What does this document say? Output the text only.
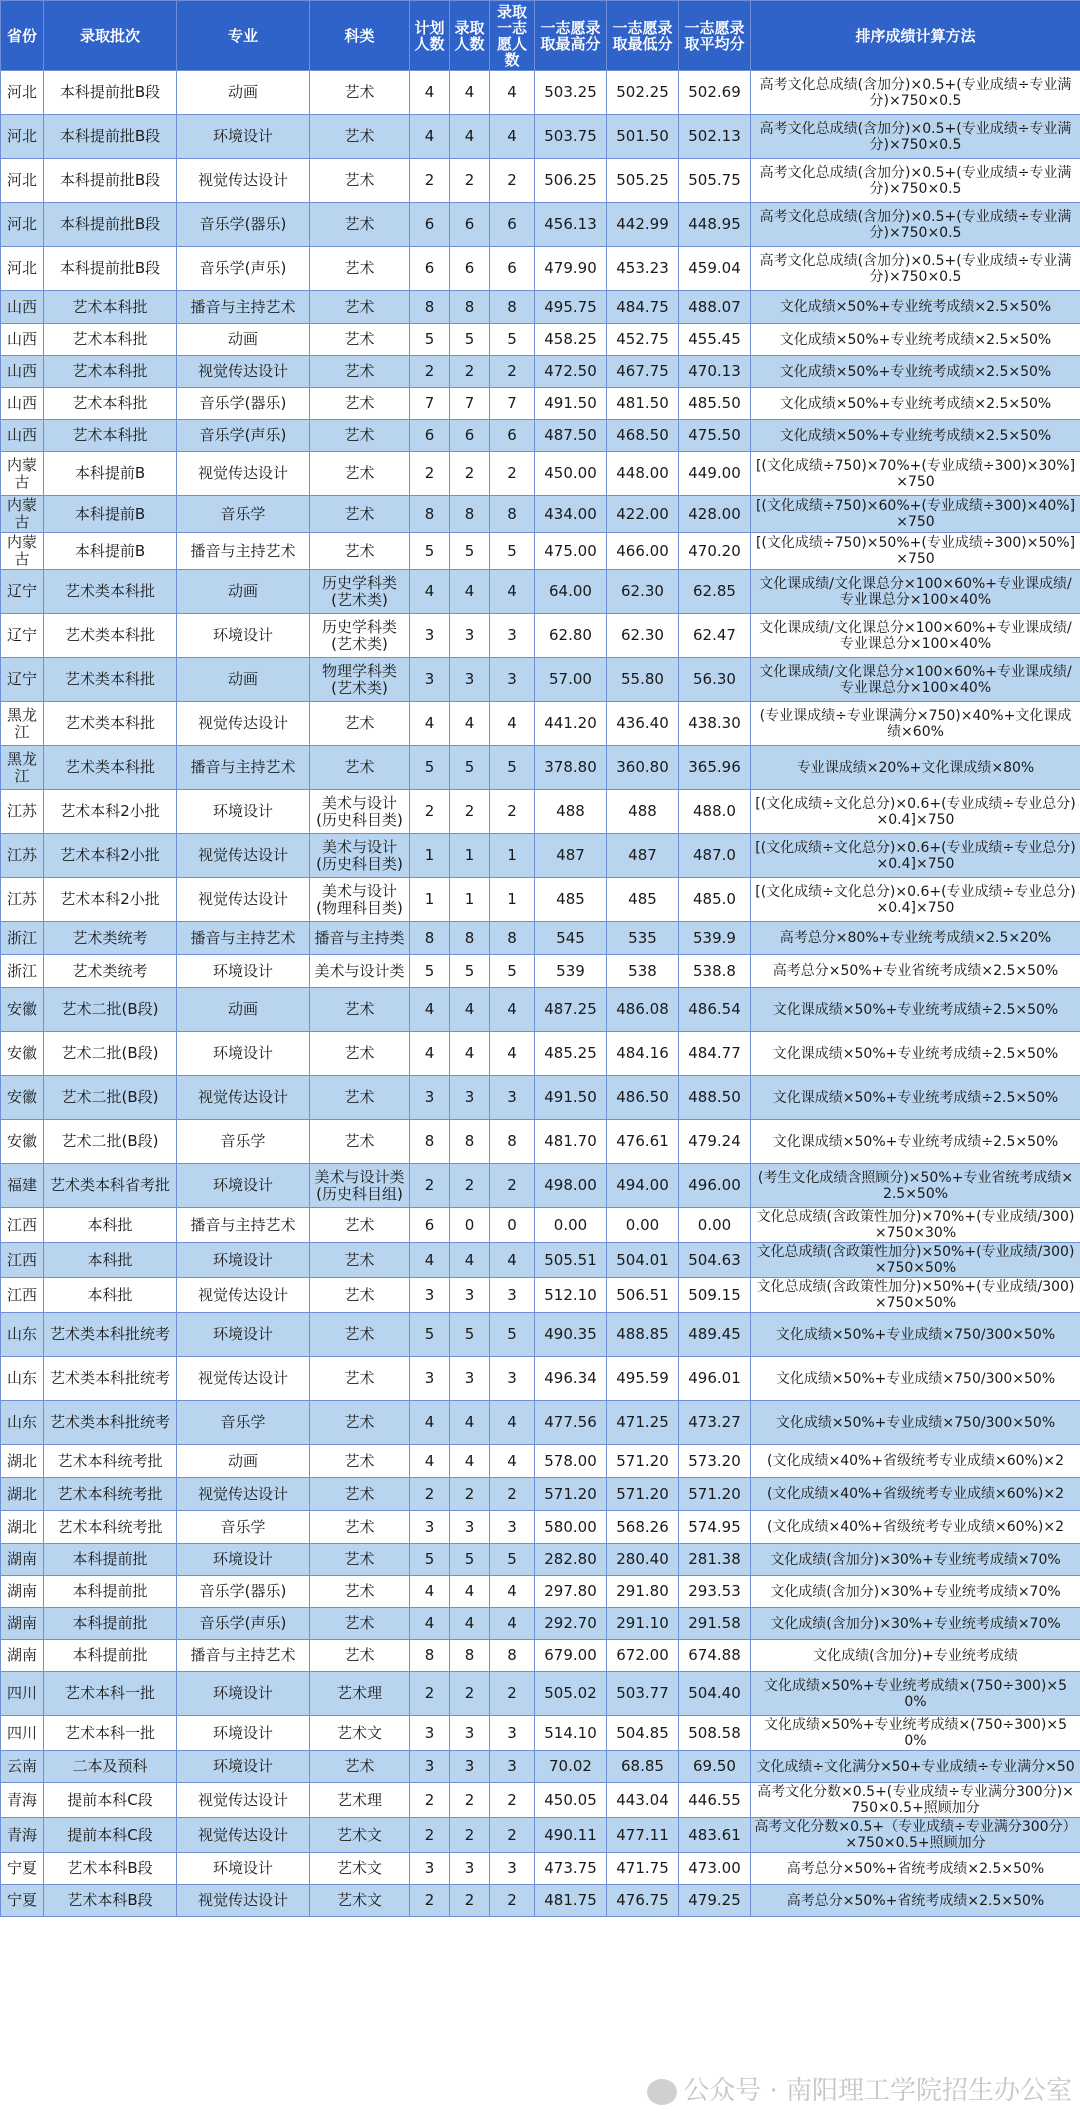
省份	录取批次	专业	科类	计划人数	录取人数	录取一志愿人数	一志愿录取最高分	一志愿录取最低分	一志愿录取平均分	排序成绩计算方法
河北	本科提前批B段	动画	艺术	4	4	4	503.25	502.25	502.69	高考文化总成绩(含加分)×0.5+(专业成绩÷专业满分)×750×0.5
河北	本科提前批B段	环境设计	艺术	4	4	4	503.75	501.50	502.13	高考文化总成绩(含加分)×0.5+(专业成绩÷专业满分)×750×0.5
河北	本科提前批B段	视觉传达设计	艺术	2	2	2	506.25	505.25	505.75	高考文化总成绩(含加分)×0.5+(专业成绩÷专业满分)×750×0.5
河北	本科提前批B段	音乐学(器乐)	艺术	6	6	6	456.13	442.99	448.95	高考文化总成绩(含加分)×0.5+(专业成绩÷专业满分)×750×0.5
河北	本科提前批B段	音乐学(声乐)	艺术	6	6	6	479.90	453.23	459.04	高考文化总成绩(含加分)×0.5+(专业成绩÷专业满分)×750×0.5
山西	艺术本科批	播音与主持艺术	艺术	8	8	8	495.75	484.75	488.07	文化成绩×50%+专业统考成绩×2.5×50%
山西	艺术本科批	动画	艺术	5	5	5	458.25	452.75	455.45	文化成绩×50%+专业统考成绩×2.5×50%
山西	艺术本科批	视觉传达设计	艺术	2	2	2	472.50	467.75	470.13	文化成绩×50%+专业统考成绩×2.5×50%
山西	艺术本科批	音乐学(器乐)	艺术	7	7	7	491.50	481.50	485.50	文化成绩×50%+专业统考成绩×2.5×50%
山西	艺术本科批	音乐学(声乐)	艺术	6	6	6	487.50	468.50	475.50	文化成绩×50%+专业统考成绩×2.5×50%
内蒙古	本科提前B	视觉传达设计	艺术	2	2	2	450.00	448.00	449.00	[(文化成绩÷750)×70%+(专业成绩÷300)×30%]×750
内蒙古	本科提前B	音乐学	艺术	8	8	8	434.00	422.00	428.00	[(文化成绩÷750)×60%+(专业成绩÷300)×40%]×750
内蒙古	本科提前B	播音与主持艺术	艺术	5	5	5	475.00	466.00	470.20	[(文化成绩÷750)×50%+(专业成绩÷300)×50%]×750
辽宁	艺术类本科批	动画	历史学科类(艺术类)	4	4	4	64.00	62.30	62.85	文化课成绩/文化课总分×100×60%+专业课成绩/专业课总分×100×40%
辽宁	艺术类本科批	环境设计	历史学科类(艺术类)	3	3	3	62.80	62.30	62.47	文化课成绩/文化课总分×100×60%+专业课成绩/专业课总分×100×40%
辽宁	艺术类本科批	动画	物理学科类(艺术类)	3	3	3	57.00	55.80	56.30	文化课成绩/文化课总分×100×60%+专业课成绩/专业课总分×100×40%
黑龙江	艺术类本科批	视觉传达设计	艺术	4	4	4	441.20	436.40	438.30	(专业课成绩÷专业课满分×750)×40%+文化课成绩×60%
黑龙江	艺术类本科批	播音与主持艺术	艺术	5	5	5	378.80	360.80	365.96	专业课成绩×20%+文化课成绩×80%
江苏	艺术本科2小批	环境设计	美术与设计(历史科目类)	2	2	2	488	488	488.0	[(文化成绩÷文化总分)×0.6+(专业成绩÷专业总分)×0.4]×750
江苏	艺术本科2小批	视觉传达设计	美术与设计(历史科目类)	1	1	1	487	487	487.0	[(文化成绩÷文化总分)×0.6+(专业成绩÷专业总分)×0.4]×750
江苏	艺术本科2小批	视觉传达设计	美术与设计(物理科目类)	1	1	1	485	485	485.0	[(文化成绩÷文化总分)×0.6+(专业成绩÷专业总分)×0.4]×750
浙江	艺术类统考	播音与主持艺术	播音与主持类	8	8	8	545	535	539.9	高考总分×80%+专业统考成绩×2.5×20%
浙江	艺术类统考	环境设计	美术与设计类	5	5	5	539	538	538.8	高考总分×50%+专业省统考成绩×2.5×50%
安徽	艺术二批(B段)	动画	艺术	4	4	4	487.25	486.08	486.54	文化课成绩×50%+专业统考成绩÷2.5×50%
安徽	艺术二批(B段)	环境设计	艺术	4	4	4	485.25	484.16	484.77	文化课成绩×50%+专业统考成绩÷2.5×50%
安徽	艺术二批(B段)	视觉传达设计	艺术	3	3	3	491.50	486.50	488.50	文化课成绩×50%+专业统考成绩÷2.5×50%
安徽	艺术二批(B段)	音乐学	艺术	8	8	8	481.70	476.61	479.24	文化课成绩×50%+专业统考成绩÷2.5×50%
福建	艺术类本科省考批	环境设计	美术与设计类(历史科目组)	2	2	2	498.00	494.00	496.00	(考生文化成绩含照顾分)×50%+专业省统考成绩×2.5×50%
江西	本科批	播音与主持艺术	艺术	6	0	0	0.00	0.00	0.00	文化总成绩(含政策性加分)×70%+(专业成绩/300)×750×30%
江西	本科批	环境设计	艺术	4	4	4	505.51	504.01	504.63	文化总成绩(含政策性加分)×50%+(专业成绩/300)×750×50%
江西	本科批	视觉传达设计	艺术	3	3	3	512.10	506.51	509.15	文化总成绩(含政策性加分)×50%+(专业成绩/300)×750×50%
山东	艺术类本科批统考	环境设计	艺术	5	5	5	490.35	488.85	489.45	文化成绩×50%+专业成绩×750/300×50%
山东	艺术类本科批统考	视觉传达设计	艺术	3	3	3	496.34	495.59	496.01	文化成绩×50%+专业成绩×750/300×50%
山东	艺术类本科批统考	音乐学	艺术	4	4	4	477.56	471.25	473.27	文化成绩×50%+专业成绩×750/300×50%
湖北	艺术本科统考批	动画	艺术	4	4	4	578.00	571.20	573.20	(文化成绩×40%+省级统考专业成绩×60%)×2
湖北	艺术本科统考批	视觉传达设计	艺术	2	2	2	571.20	571.20	571.20	(文化成绩×40%+省级统考专业成绩×60%)×2
湖北	艺术本科统考批	音乐学	艺术	3	3	3	580.00	568.26	574.95	(文化成绩×40%+省级统考专业成绩×60%)×2
湖南	本科提前批	环境设计	艺术	5	5	5	282.80	280.40	281.38	文化成绩(含加分)×30%+专业统考成绩×70%
湖南	本科提前批	音乐学(器乐)	艺术	4	4	4	297.80	291.80	293.53	文化成绩(含加分)×30%+专业统考成绩×70%
湖南	本科提前批	音乐学(声乐)	艺术	4	4	4	292.70	291.10	291.58	文化成绩(含加分)×30%+专业统考成绩×70%
湖南	本科提前批	播音与主持艺术	艺术	8	8	8	679.00	672.00	674.88	文化成绩(含加分)+专业统考成绩
四川	艺术本科一批	环境设计	艺术理	2	2	2	505.02	503.77	504.40	文化成绩×50%+专业统考成绩×(750÷300)×50%
四川	艺术本科一批	环境设计	艺术文	3	3	3	514.10	504.85	508.58	文化成绩×50%+专业统考成绩×(750÷300)×50%
云南	二本及预科	环境设计	艺术	3	3	3	70.02	68.85	69.50	文化成绩÷文化满分×50+专业成绩÷专业满分×50
青海	提前本科C段	视觉传达设计	艺术理	2	2	2	450.05	443.04	446.55	高考文化分数×0.5+(专业成绩÷专业满分300分)×750×0.5+照顾加分
青海	提前本科C段	视觉传达设计	艺术文	2	2	2	490.11	477.11	483.61	高考文化分数×0.5+（专业成绩÷专业满分300分）×750×0.5+照顾加分
宁夏	艺术本科B段	环境设计	艺术文	3	3	3	473.75	471.75	473.00	高考总分×50%+省统考成绩×2.5×50%
宁夏	艺术本科B段	视觉传达设计	艺术文	2	2	2	481.75	476.75	479.25	高考总分×50%+省统考成绩×2.5×50%
公众号 · 南阳理工学院招生办公室
